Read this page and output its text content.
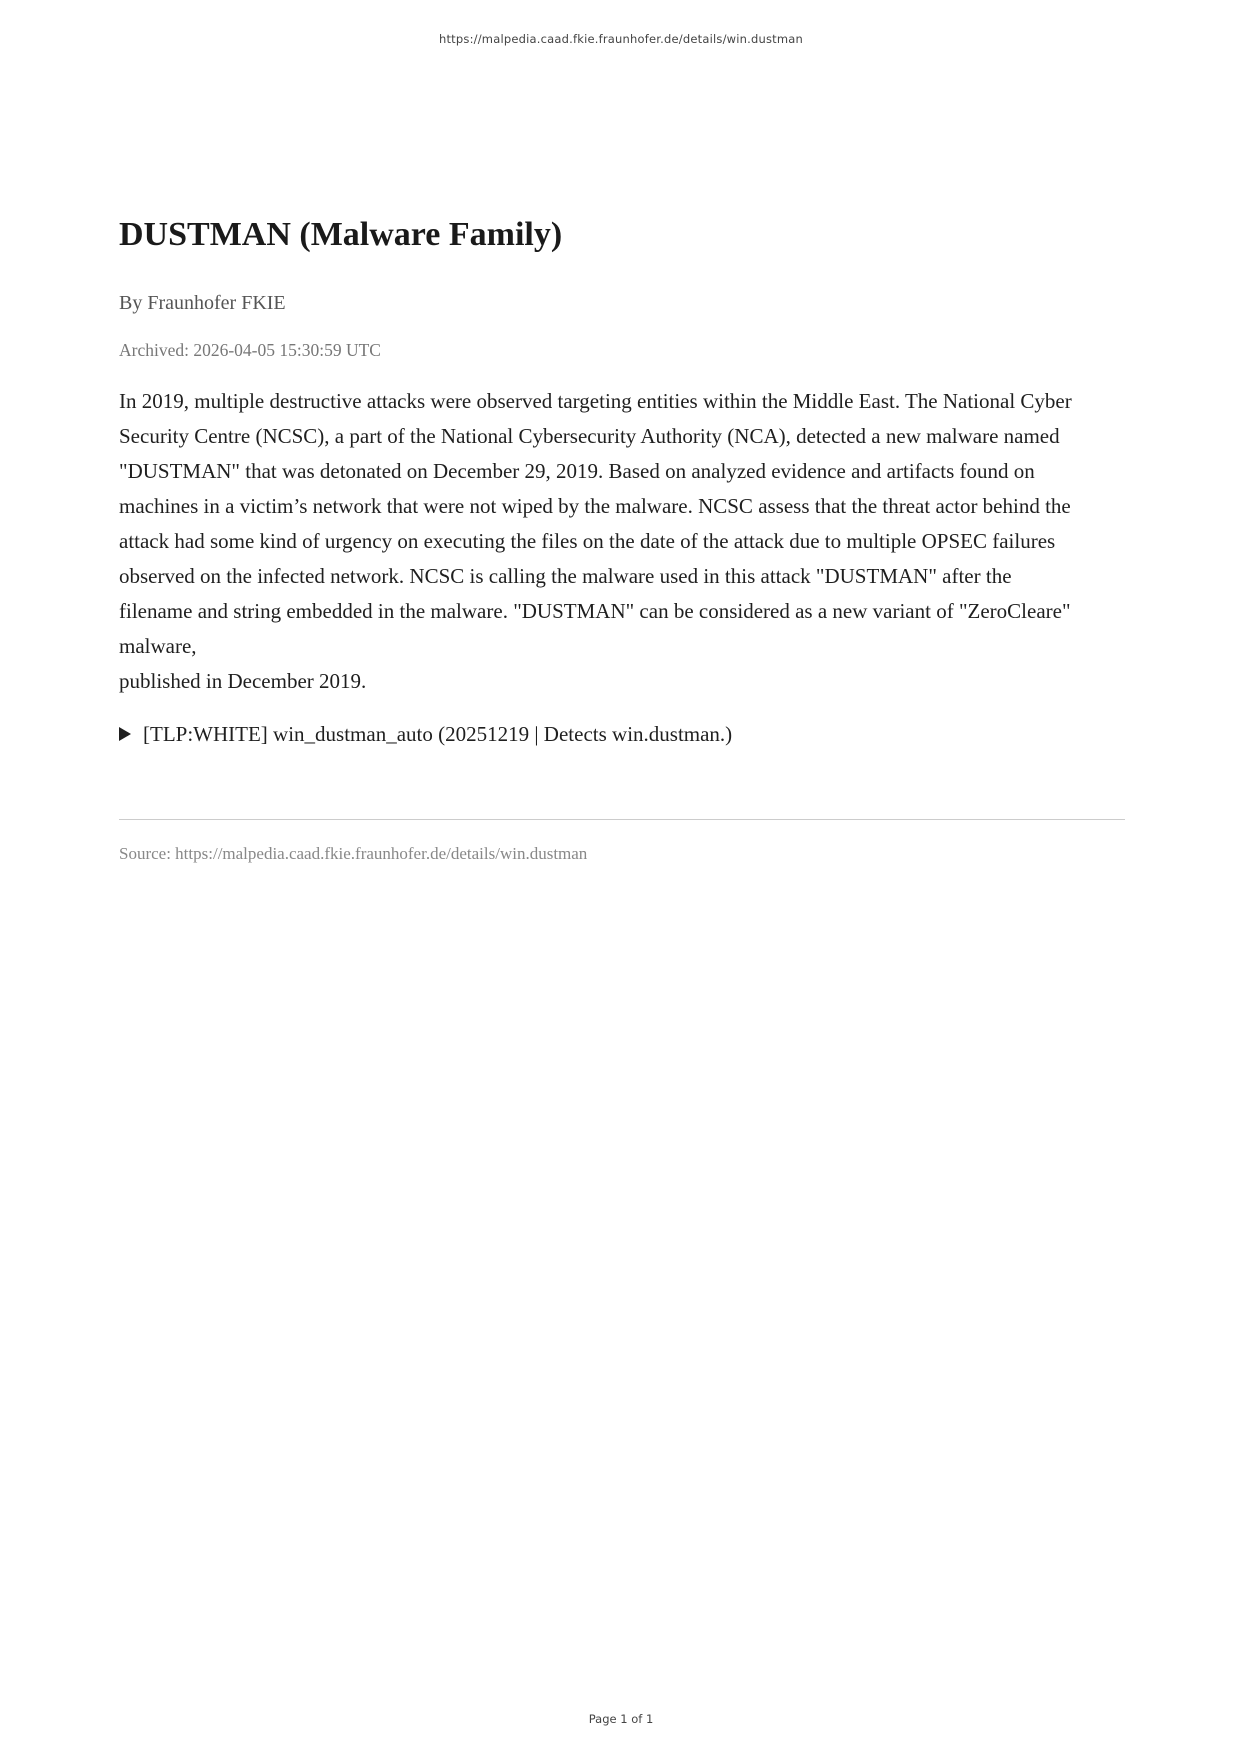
https://malpedia.caad.fkie.fraunhofer.de/details/win.dustman
DUSTMAN (Malware Family)
By Fraunhofer FKIE
Archived: 2026-04-05 15:30:59 UTC
In 2019, multiple destructive attacks were observed targeting entities within the Middle East. The National Cyber
Security Centre (NCSC), a part of the National Cybersecurity Authority (NCA), detected a new malware named
"DUSTMAN" that was detonated on December 29, 2019. Based on analyzed evidence and artifacts found on
machines in a victim’s network that were not wiped by the malware. NCSC assess that the threat actor behind the
attack had some kind of urgency on executing the files on the date of the attack due to multiple OPSEC failures
observed on the infected network. NCSC is calling the malware used in this attack "DUSTMAN" after the
filename and string embedded in the malware. "DUSTMAN" can be considered as a new variant of "ZeroCleare"
malware,
published in December 2019.
[TLP:WHITE] win_dustman_auto (20251219 | Detects win.dustman.)
Source: https://malpedia.caad.fkie.fraunhofer.de/details/win.dustman
Page 1 of 1
